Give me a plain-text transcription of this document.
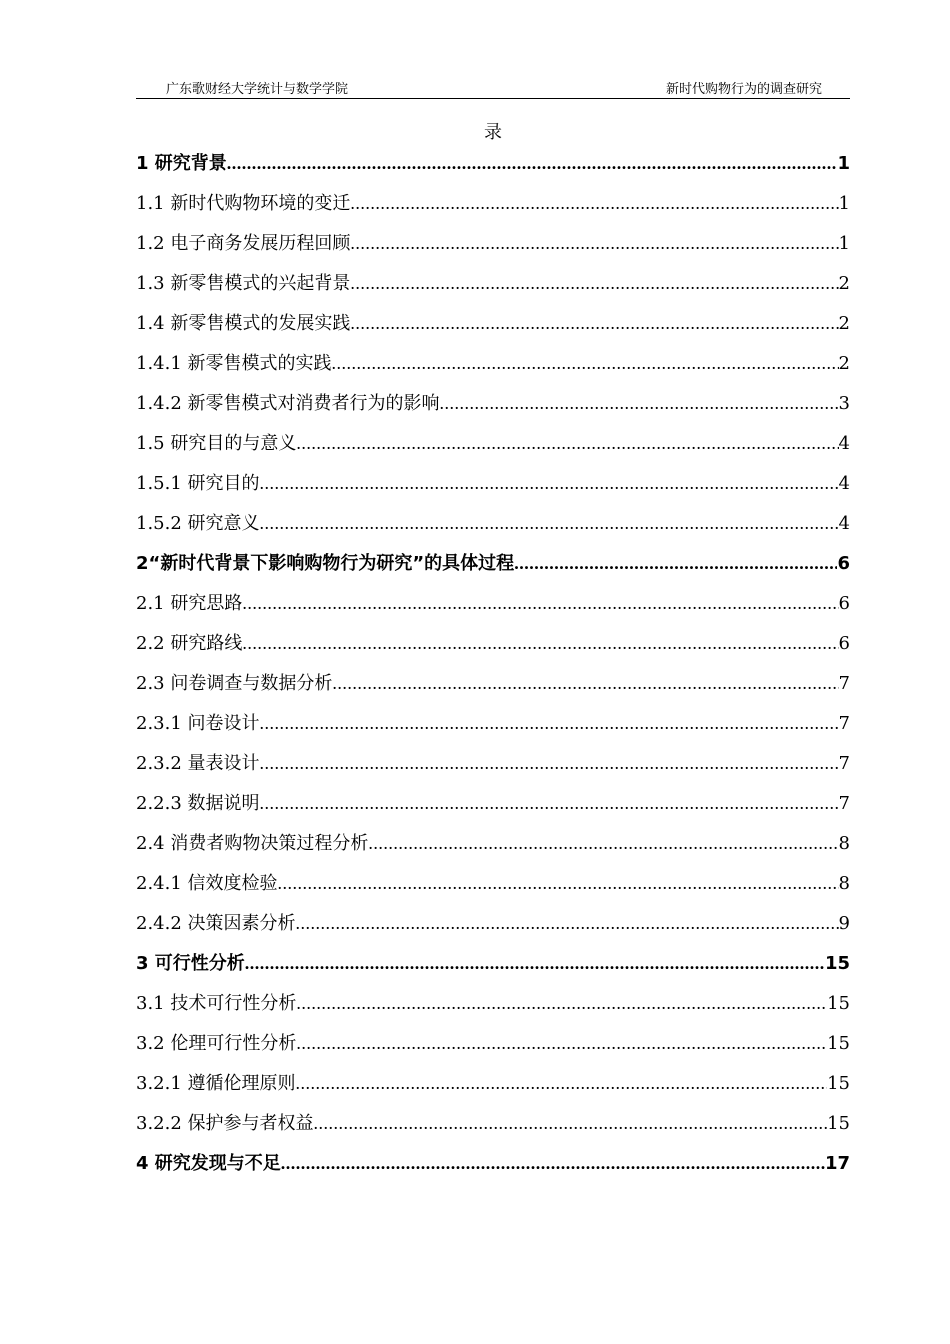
广东歌财经大学统计与数学学院	新时代购物行为的调查研究
录
1 研究背景 .....	1
1.1 新时代购物环境的变迁 .....	1
1.2 电子商务发展历程回顾 .....	1
1.3 新零售模式的兴起背景 .....	2
1.4 新零售模式的发展实践 .....	2
1.4.1 新零售模式的实践 .....	2
1.4.2 新零售模式对消费者行为的影响 .....	3
1.5 研究目的与意义 .....	4
1.5.1 研究目的 .....	4
1.5.2 研究意义 .....	4
2“新时代背景下影响购物行为研究”的具体过程 .....	6
2.1 研究思路 .....	6
2.2 研究路线 .....	6
2.3 问卷调查与数据分析 .....	7
2.3.1 问卷设计 .....	7
2.3.2 量表设计 .....	7
2.2.3 数据说明 .....	7
2.4 消费者购物决策过程分析 .....	8
2.4.1 信效度检验 .....	8
2.4.2 决策因素分析 .....	9
3 可行性分析 .....	15
3.1 技术可行性分析 .....	15
3.2 伦理可行性分析 .....	15
3.2.1 遵循伦理原则 .....	15
3.2.2 保护参与者权益 .....	15
4 研究发现与不足 .....	17
